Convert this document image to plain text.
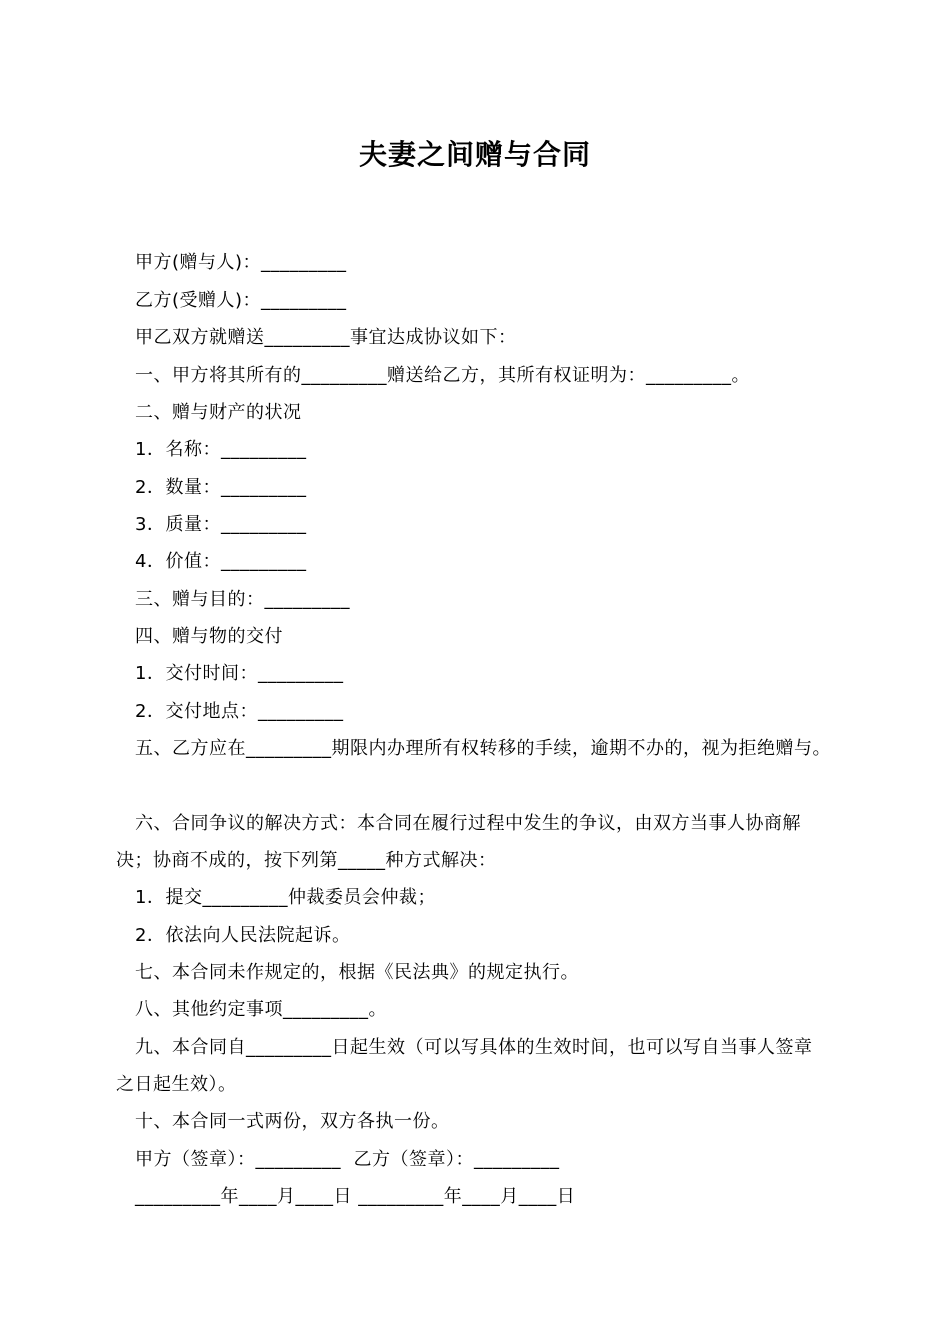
夫妻之间赠与合同
甲方(赠与人)：_________
乙方(受赠人)：_________
甲乙双方就赠送_________事宜达成协议如下：
一、甲方将其所有的_________赠送给乙方，其所有权证明为：_________。
二、赠与财产的状况
1．名称：_________
2．数量：_________
3．质量：_________
4．价值：_________
三、赠与目的：_________
四、赠与物的交付
1．交付时间：_________
2．交付地点：_________
五、乙方应在_________期限内办理所有权转移的手续，逾期不办的，视为拒绝赠与。
六、合同争议的解决方式：本合同在履行过程中发生的争议，由双方当事人协商解
决；协商不成的，按下列第_____种方式解决：
1．提交_________仲裁委员会仲裁；
2．依法向人民法院起诉。
七、本合同未作规定的，根据《民法典》的规定执行。
八、其他约定事项_________。
九、本合同自_________日起生效（可以写具体的生效时间，也可以写自当事人签章
之日起生效）。
十、本合同一式两份，双方各执一份。
甲方（签章）：_________  乙方（签章）：_________
_________年____月____日 _________年____月____日
